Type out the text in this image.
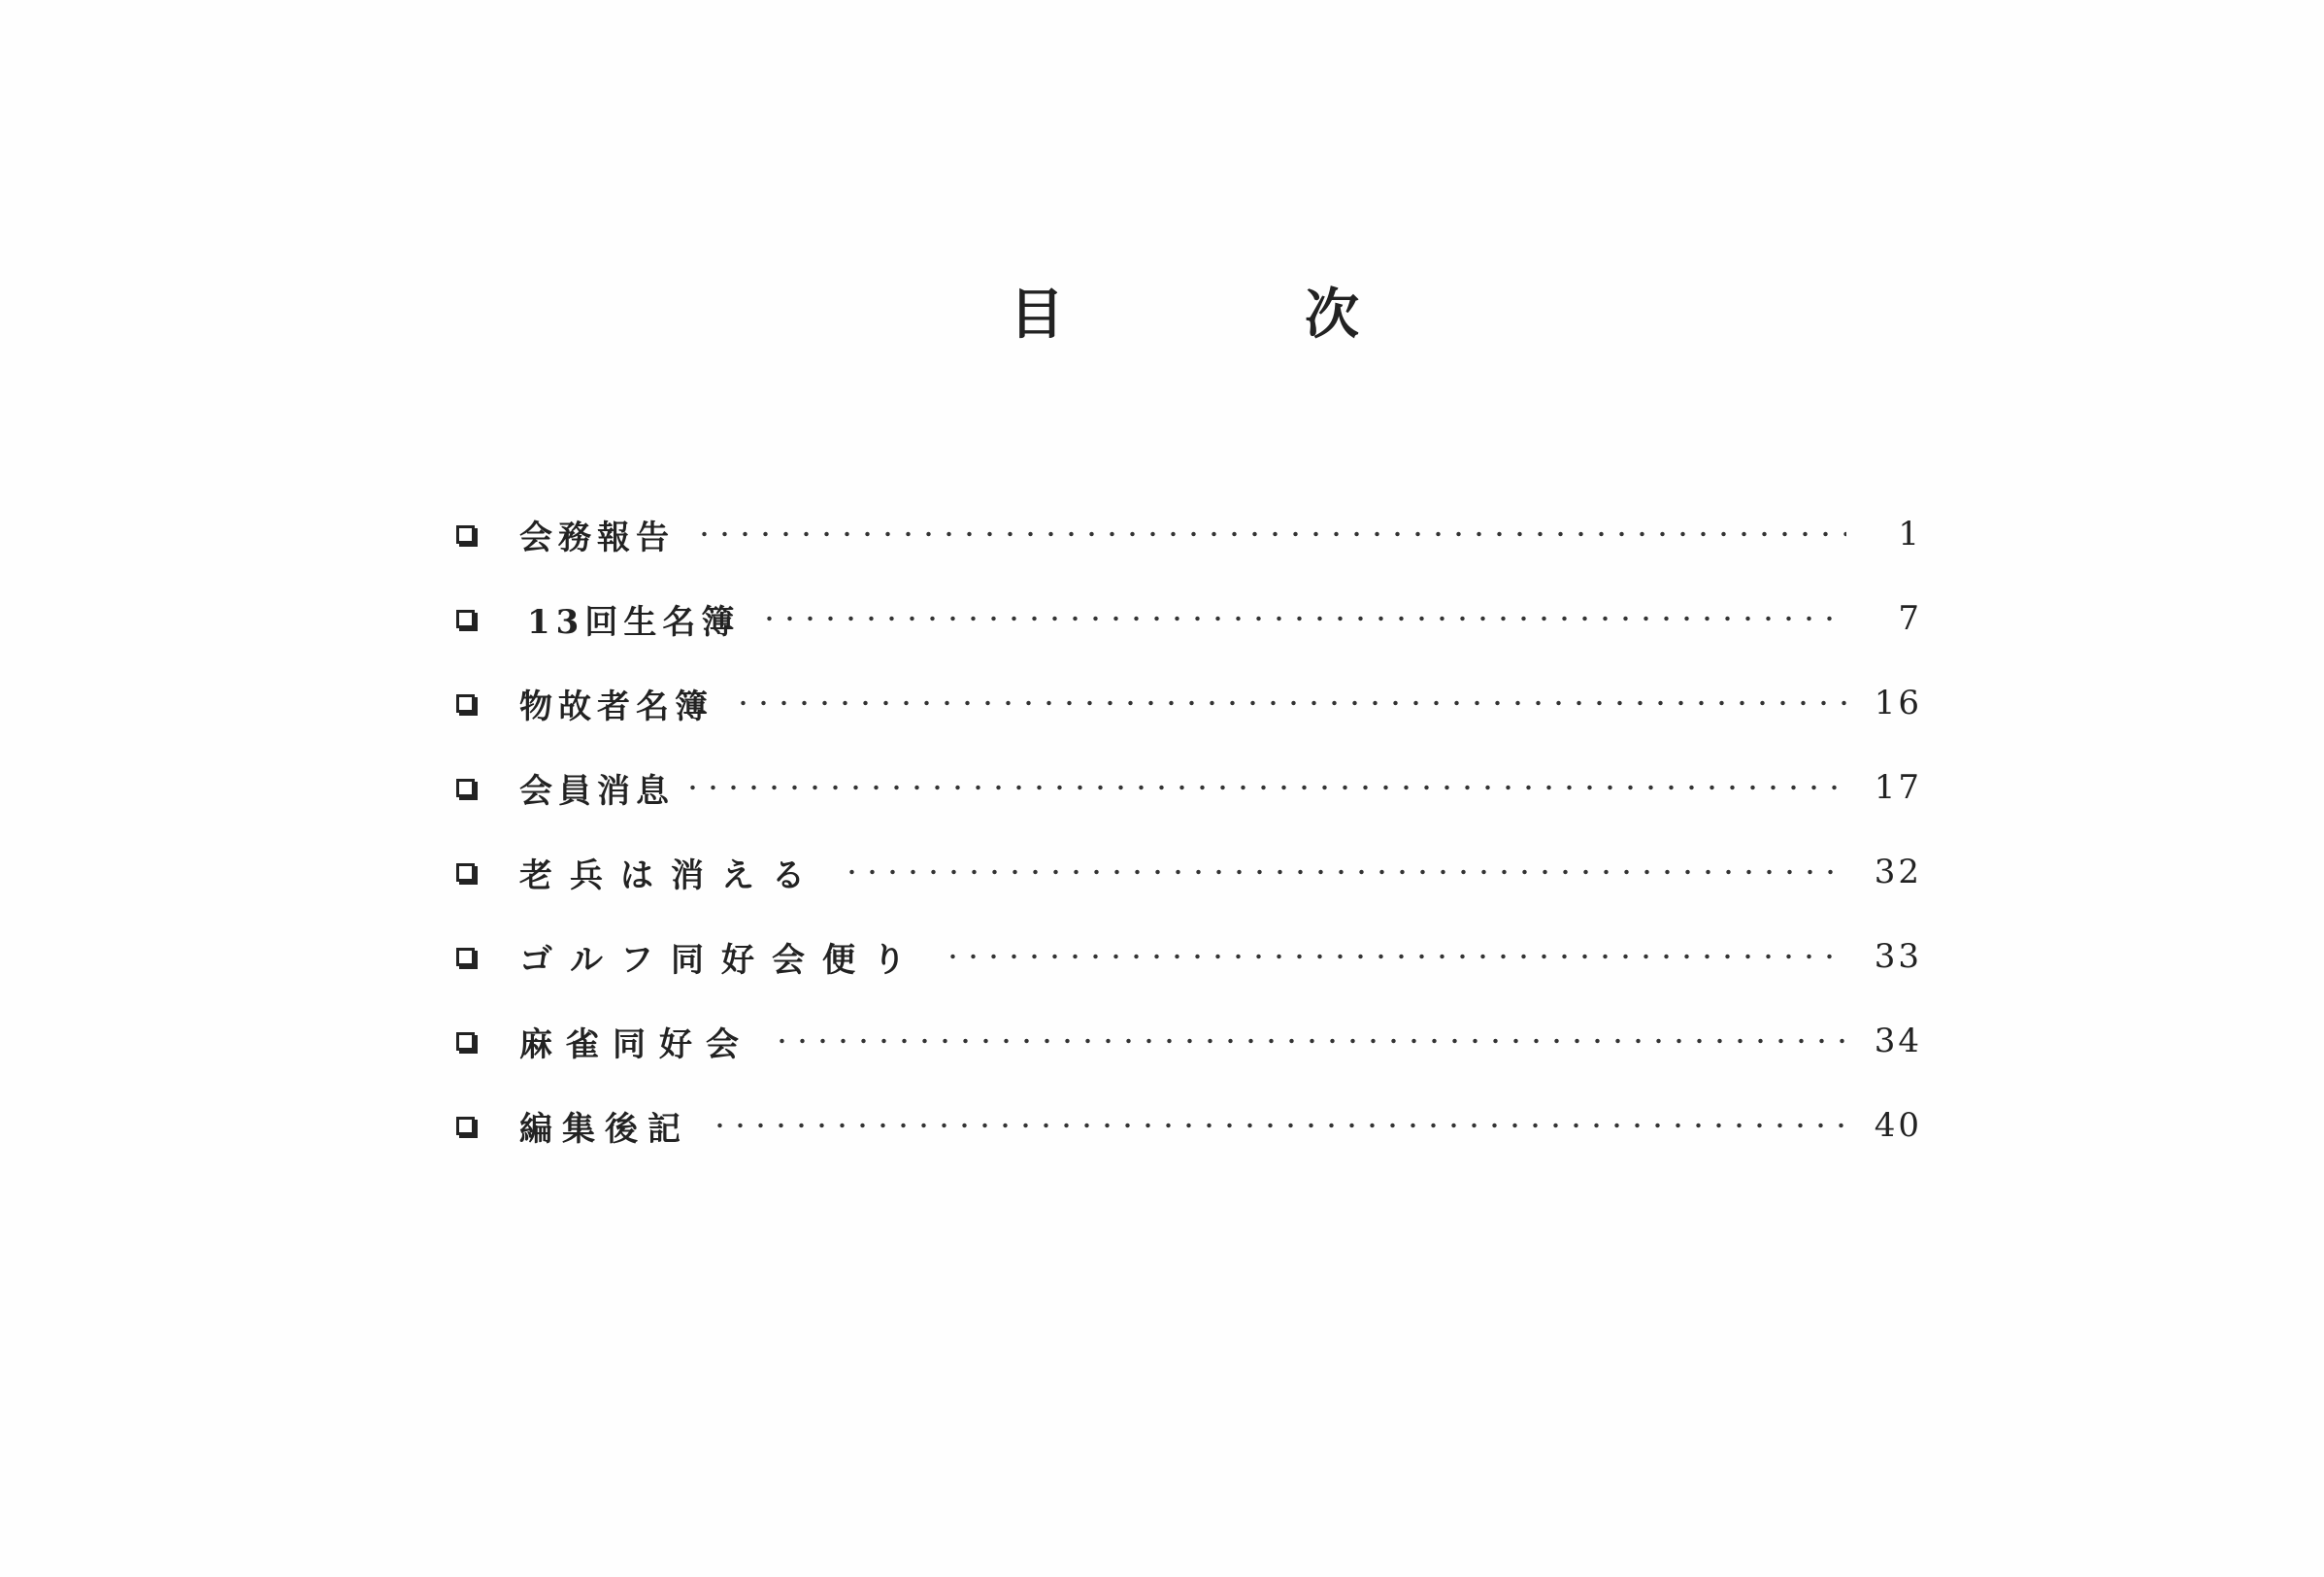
目	次
会務報告	1
13回生名簿	7
物故者名簿	16
会員消息	17
老兵は消える	32
ゴルフ同好会便り	33
麻雀同好会	34
編集後記	40
